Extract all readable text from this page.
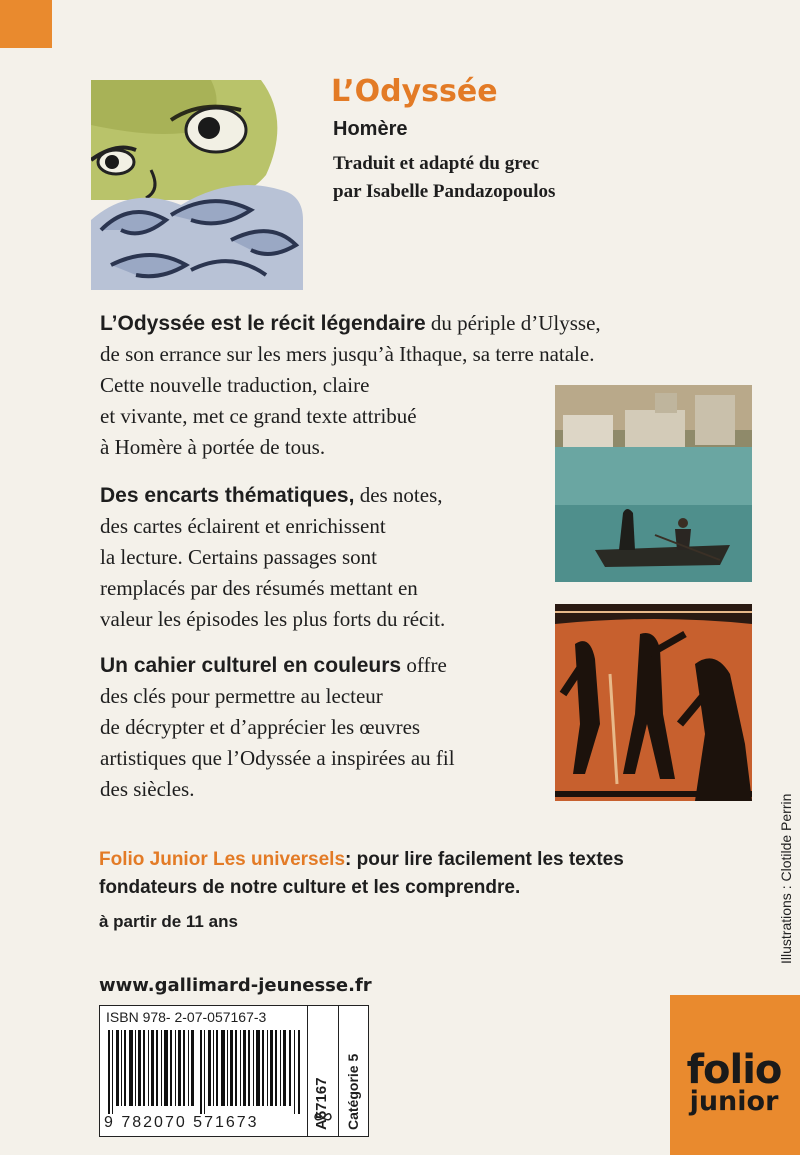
L’Odyssée
Homère
Traduit et adapté du grec
par Isabelle Pandazopoulos

L’Odyssée est le récit légendaire du périple d’Ulysse,
de son errance sur les mers jusqu’à Ithaque, sa terre natale.
Cette nouvelle traduction, claire
et vivante, met ce grand texte attribué
à Homère à portée de tous.

Des encarts thématiques, des notes,
des cartes éclairent et enrichissent
la lecture. Certains passages sont
remplacés par des résumés mettant en
valeur les épisodes les plus forts du récit.

Un cahier culturel en couleurs offre
des clés pour permettre au lecteur
de décrypter et d’apprécier les œuvres
artistiques que l’Odyssée a inspirées au fil
des siècles.

Folio Junior Les universels: pour lire facilement les textes
fondateurs de notre culture et les comprendre.
à partir de 11 ans
www.gallimard-jeunesse.fr
Illustrations : Clotilde Perrin
ISBN 978- 2-07-057167-3
9 782070 571673	A57167 Catégorie 5	folio
junior
